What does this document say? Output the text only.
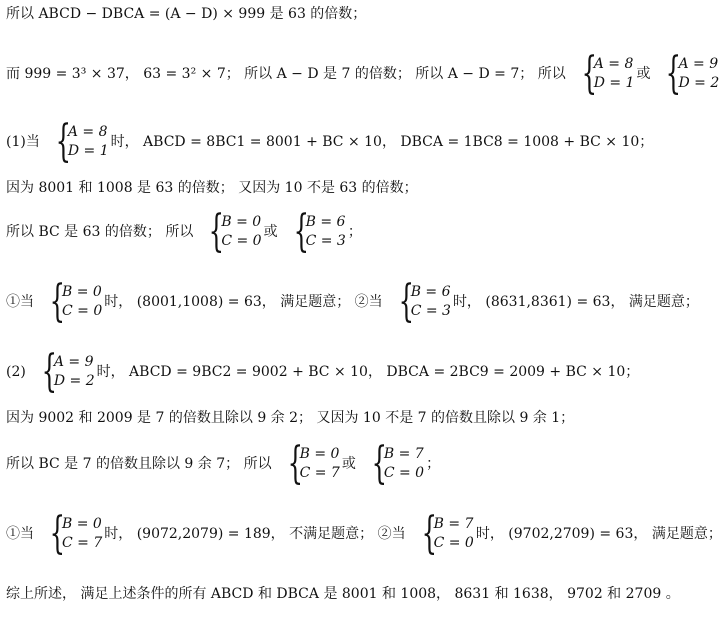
所以 ABCD − DBCA = (A − D) × 999 是 63 的倍数；
而 999 = 3³ × 37， 63 = 3² × 7； 所以 A − D 是 7 的倍数； 所以 A − D = 7； 所以 {
A = 8
D = 1
或 {
A = 9
D = 2
(1)当 {
A = 8
D = 1
时， ABCD = 8BC1 = 8001 + BC × 10， DBCA = 1BC8 = 1008 + BC × 10；
因为 8001 和 1008 是 63 的倍数； 又因为 10 不是 63 的倍数；
所以 BC 是 63 的倍数； 所以 {
B = 0
C = 0
或 {
B = 6
C = 3
；
①当 {
B = 0
C = 0
时， (8001,1008) = 63， 满足题意； ②当 {
B = 6
C = 3
时， (8631,8361) = 63， 满足题意；
(2) {
A = 9
D = 2
时， ABCD = 9BC2 = 9002 + BC × 10， DBCA = 2BC9 = 2009 + BC × 10；
因为 9002 和 2009 是 7 的倍数且除以 9 余 2； 又因为 10 不是 7 的倍数且除以 9 余 1；
所以 BC 是 7 的倍数且除以 9 余 7； 所以 {
B = 0
C = 7
或 {
B = 7
C = 0
；
①当 {
B = 0
C = 7
时， (9072,2079) = 189， 不满足题意； ②当 {
B = 7
C = 0
时， (9702,2709) = 63， 满足题意；
综上所述， 满足上述条件的所有 ABCD 和 DBCA 是 8001 和 1008， 8631 和 1638， 9702 和 2709 。
